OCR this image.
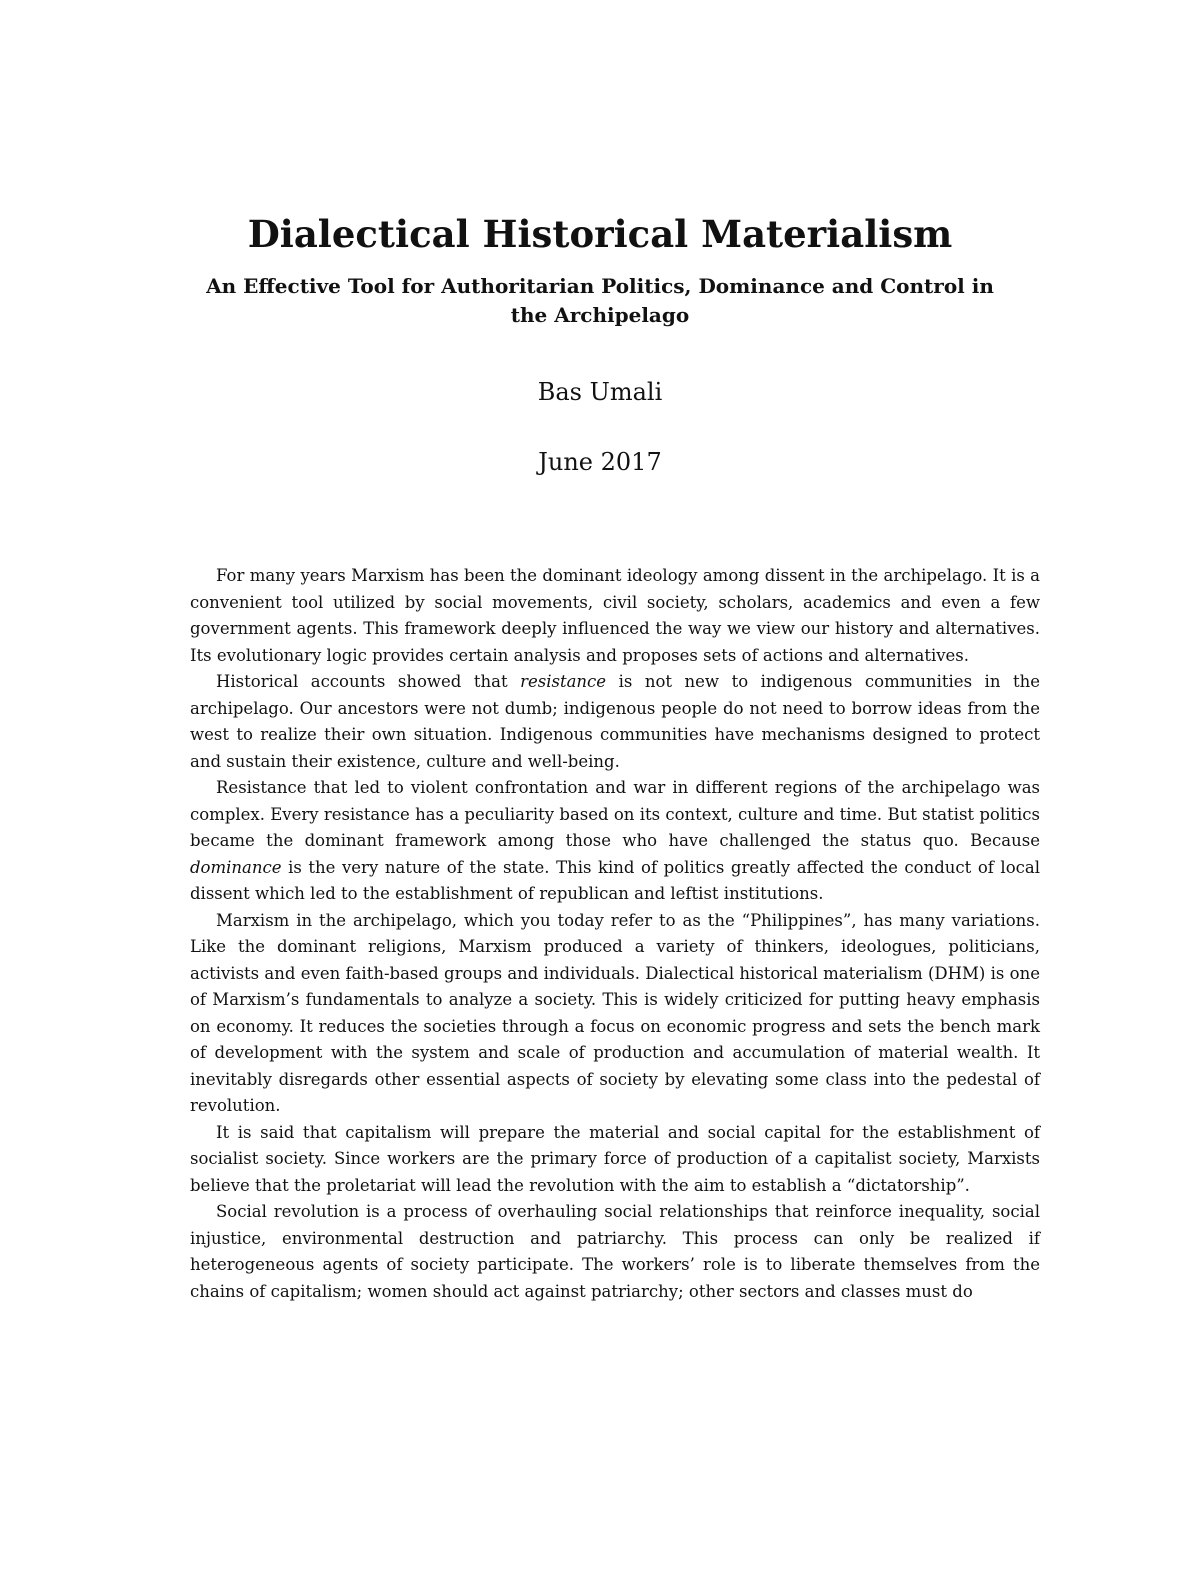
Dialectical Historical Materialism
An Effective Tool for Authoritarian Politics, Dominance and Control in the Archipelago
Bas Umali
June 2017

For many years Marxism has been the dominant ideology among dissent in the archipelago. It is a convenient tool utilized by social movements, civil society, scholars, academics and even a few government agents. This framework deeply influenced the way we view our history and alternatives. Its evolutionary logic provides certain analysis and proposes sets of actions and alternatives.

Historical accounts showed that resistance is not new to indigenous communities in the archipelago. Our ancestors were not dumb; indigenous people do not need to borrow ideas from the west to realize their own situation. Indigenous communities have mechanisms designed to protect and sustain their existence, culture and well-being.

Resistance that led to violent confrontation and war in different regions of the archipelago was complex. Every resistance has a peculiarity based on its context, culture and time. But statist politics became the dominant framework among those who have challenged the status quo. Because dominance is the very nature of the state. This kind of politics greatly affected the conduct of local dissent which led to the establishment of republican and leftist institutions.

Marxism in the archipelago, which you today refer to as the “Philippines”, has many variations. Like the dominant religions, Marxism produced a variety of thinkers, ideologues, politicians, activists and even faith-based groups and individuals. Dialectical historical materialism (DHM) is one of Marxism’s fundamentals to analyze a society. This is widely criticized for putting heavy emphasis on economy. It reduces the societies through a focus on economic progress and sets the bench mark of development with the system and scale of production and accumulation of material wealth. It inevitably disregards other essential aspects of society by elevating some class into the pedestal of revolution.

It is said that capitalism will prepare the material and social capital for the establishment of socialist society. Since workers are the primary force of production of a capitalist society, Marxists believe that the proletariat will lead the revolution with the aim to establish a “dictatorship”.

Social revolution is a process of overhauling social relationships that reinforce inequality, social injustice, environmental destruction and patriarchy. This process can only be realized if heterogeneous agents of society participate. The workers’ role is to liberate themselves from the chains of capitalism; women should act against patriarchy; other sectors and classes must do
